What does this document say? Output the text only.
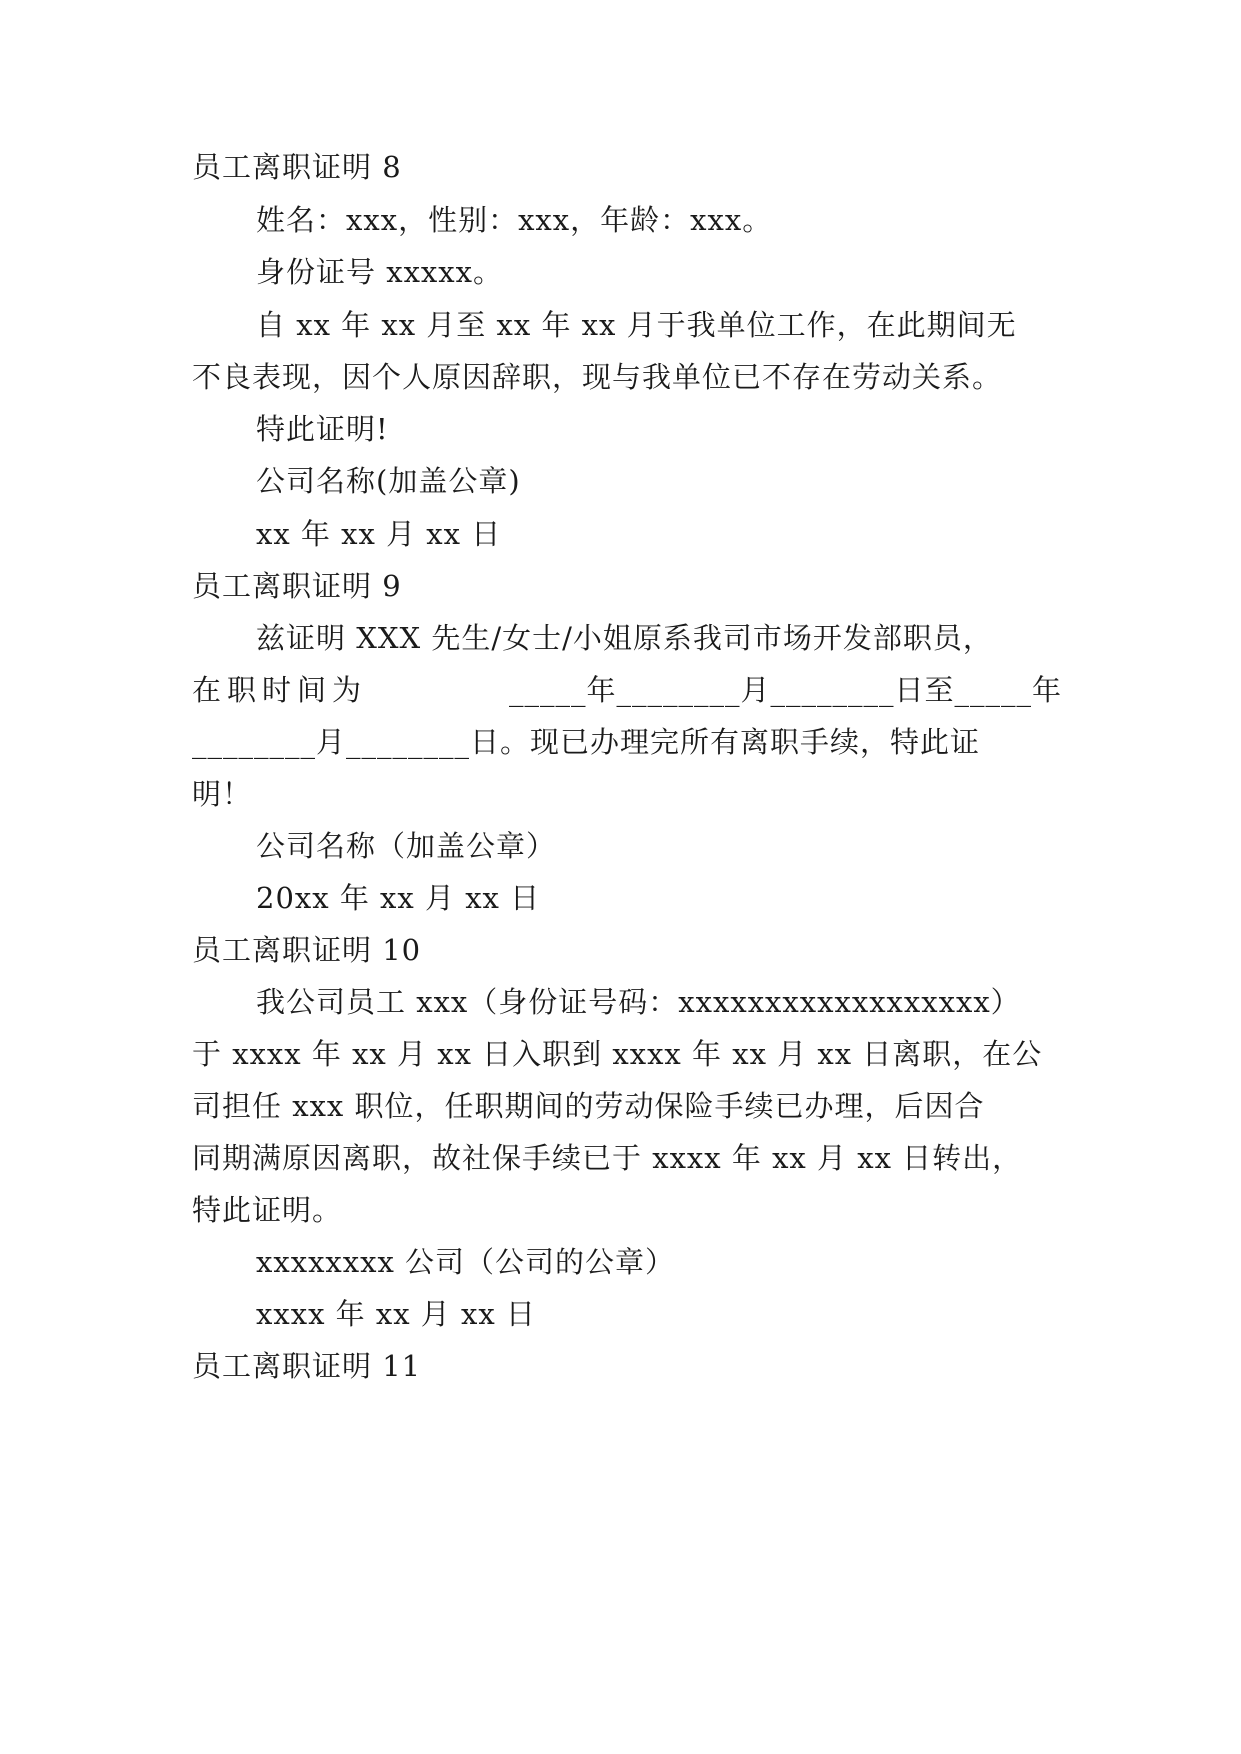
员工离职证明 8
姓名：xxx，性别：xxx，年龄：xxx。
身份证号 xxxxx。
自 xx 年 xx 月至 xx 年 xx 月于我单位工作，在此期间无
不良表现，因个人原因辞职，现与我单位已不存在劳动关系。
特此证明!
公司名称(加盖公章)
xx 年 xx 月 xx 日
员工离职证明 9
兹证明 XXX 先生/女士/小姐原系我司市场开发部职员，
在职时间为	_____年________月________日至_____年
________月________日。现已办理完所有离职手续，特此证
明！
公司名称（加盖公章）
20xx 年 xx 月 xx 日
员工离职证明 10
我公司员工 xxx（身份证号码：xxxxxxxxxxxxxxxxxx）
于 xxxx 年 xx 月 xx 日入职到 xxxx 年 xx 月 xx 日离职，在公
司担任 xxx 职位，任职期间的劳动保险手续已办理，后因合
同期满原因离职，故社保手续已于 xxxx 年 xx 月 xx 日转出，
特此证明。
xxxxxxxx 公司（公司的公章）
xxxx 年 xx 月 xx 日
员工离职证明 11
